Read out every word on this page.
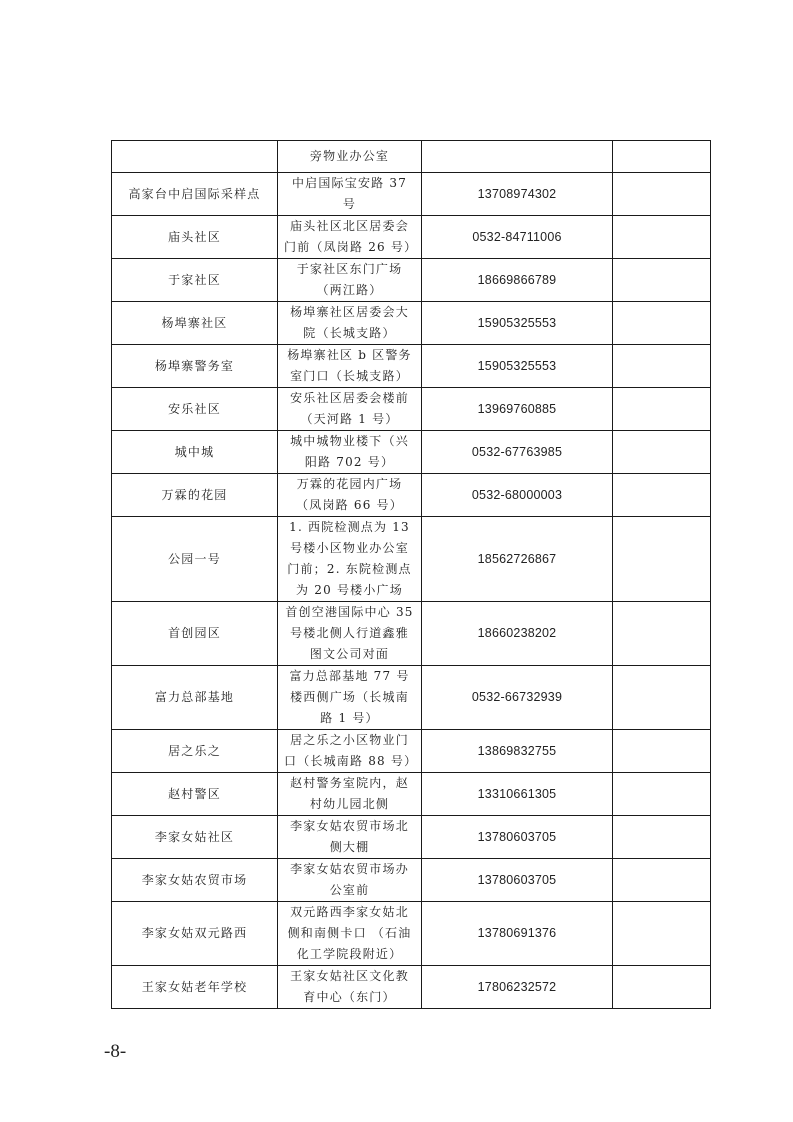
	旁物业办公室		
高家台中启国际采样点	中启国际宝安路 37 号	13708974302	
庙头社区	庙头社区北区居委会门前（凤岗路 26 号）	0532-84711006	
于家社区	于家社区东门广场（两江路）	18669866789	
杨埠寨社区	杨埠寨社区居委会大院（长城支路）	15905325553	
杨埠寨警务室	杨埠寨社区 b 区警务室门口（长城支路）	15905325553	
安乐社区	安乐社区居委会楼前（天河路 1 号）	13969760885	
城中城	城中城物业楼下（兴阳路 702 号）	0532-67763985	
万霖的花园	万霖的花园内广场（凤岗路 66 号）	0532-68000003	
公园一号	1. 西院检测点为 13 号楼小区物业办公室门前；2. 东院检测点为 20 号楼小广场	18562726867	
首创园区	首创空港国际中心 35 号楼北侧人行道鑫雅图文公司对面	18660238202	
富力总部基地	富力总部基地 77 号楼西侧广场（长城南路 1 号）	0532-66732939	
居之乐之	居之乐之小区物业门口（长城南路 88 号）	13869832755	
赵村警区	赵村警务室院内，赵村幼儿园北侧	13310661305	
李家女姑社区	李家女姑农贸市场北侧大棚	13780603705	
李家女姑农贸市场	李家女姑农贸市场办公室前	13780603705	
李家女姑双元路西	双元路西李家女姑北侧和南侧卡口 （石油化工学院段附近）	13780691376	
王家女姑老年学校	王家女姑社区文化教育中心（东门）	17806232572	
-8-
